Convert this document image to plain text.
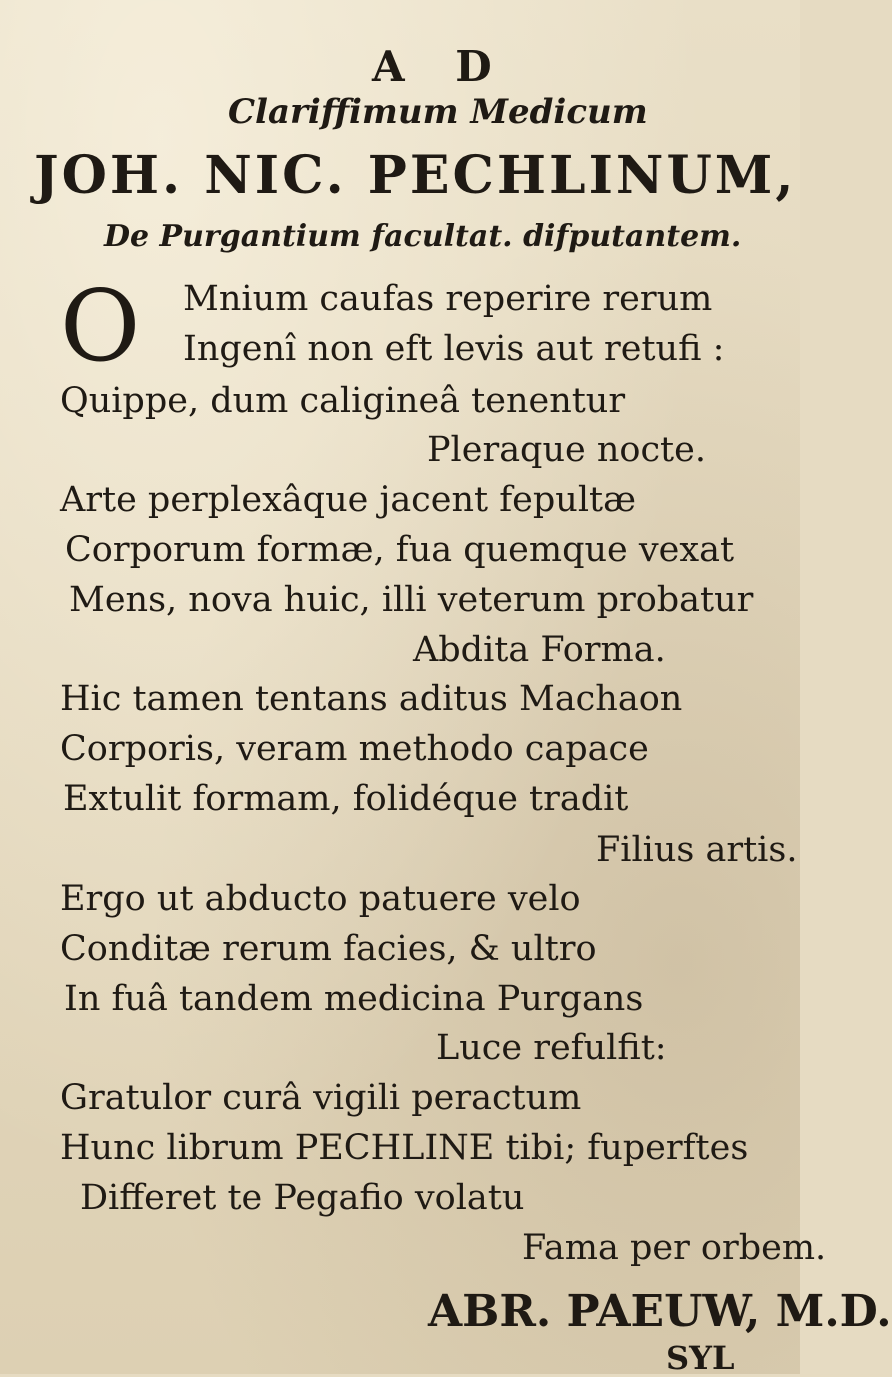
A D
Clariffimum Medicum
JOH. NIC. PECHLINUM,
De Purgantium facultat. difputantem.
O Mnium caufas reperire rerum
Ingenî non eft levis aut retufi :
Quippe, dum caligineâ tenentur
Pleraque nocte.
Arte perplexâque jacent fepultæ
Corporum formæ, fua quemque vexat
Mens, nova huic, illi veterum probatur
Abdita Forma.
Hic tamen tentans aditus Machaon
Corporis, veram methodo capace
Extulit formam, folidéque tradit
Filius artis.
Ergo ut abducto patuere velo
Conditæ rerum facies, & ultro
In fuâ tandem medicina Purgans
Luce refulfit:
Gratulor curâ vigili peractum
Hunc librum PECHLINE tibi; fuperftes
Differet te Pegafio volatu
Fama per orbem.
ABR. PAEUW, M.D.
SYL
